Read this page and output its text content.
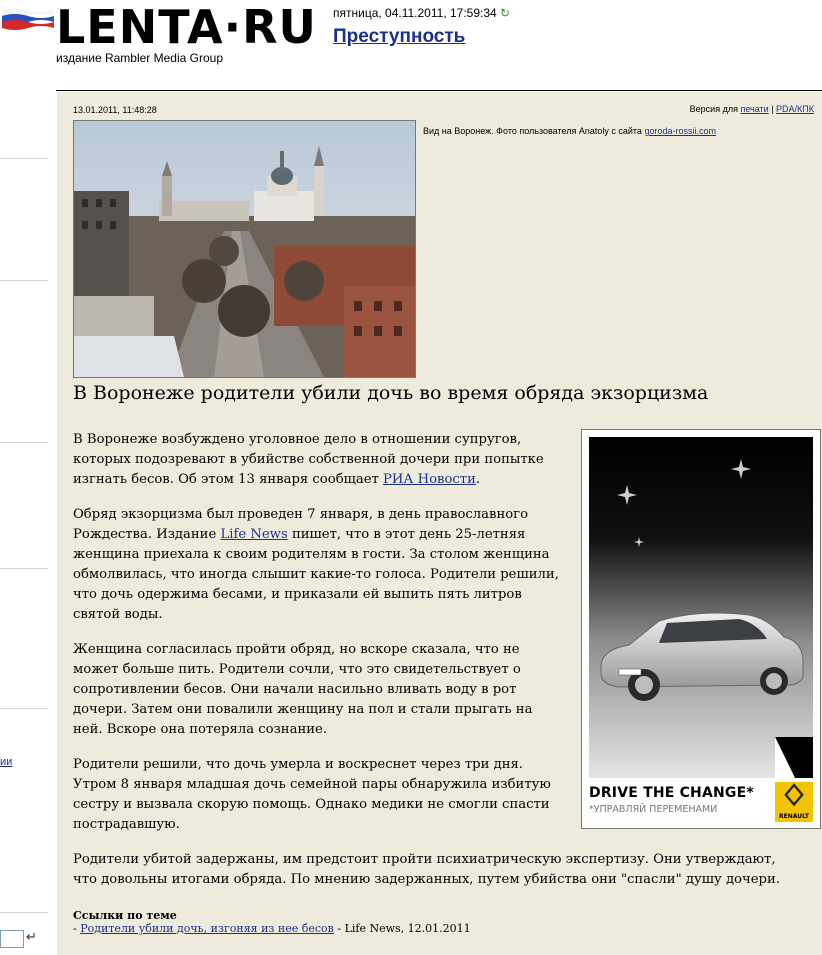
LENTA·RU
издание Rambler Media Group
пятница, 04.11.2011, 17:59:34 ↻
Преступность
ии
↵
13.01.2011, 11:48:28	Версия для печати | PDA/КПК
Вид на Воронеж. Фото пользователя Anatoly с сайта goroda-rossii.com
В Воронеже родители убили дочь во время обряда экзорцизма
DRIVE THE CHANGE*
*УПРАВЛЯЙ ПЕРЕМЕНАМИ
RENAULT

В Воронеже возбуждено уголовное дело в отношении супругов, которых подозревают в убийстве собственной дочери при попытке изгнать бесов. Об этом 13 января сообщает РИА Новости.

Обряд экзорцизма был проведен 7 января, в день православного Рождества. Издание Life News пишет, что в этот день 25-летняя женщина приехала к своим родителям в гости. За столом женщина обмолвилась, что иногда слышит какие-то голоса. Родители решили, что дочь одержима бесами, и приказали ей выпить пять литров святой воды.

Женщина согласилась пройти обряд, но вскоре сказала, что не может больше пить. Родители сочли, что это свидетельствует о сопротивлении бесов. Они начали насильно вливать воду в рот дочери. Затем они повалили женщину на пол и стали прыгать на ней. Вскоре она потеряла сознание.

Родители решили, что дочь умерла и воскреснет через три дня. Утром 8 января младшая дочь семейной пары обнаружила избитую сестру и вызвала скорую помощь. Однако медики не смогли спасти пострадавшую.

Родители убитой задержаны, им предстоит пройти психиатрическую экспертизу. Они утверждают, что довольны итогами обряда. По мнению задержанных, путем убийства они "спасли" душу дочери.

Ссылки по теме
- Родители убили дочь, изгоняя из нее бесов - Life News, 12.01.2011
